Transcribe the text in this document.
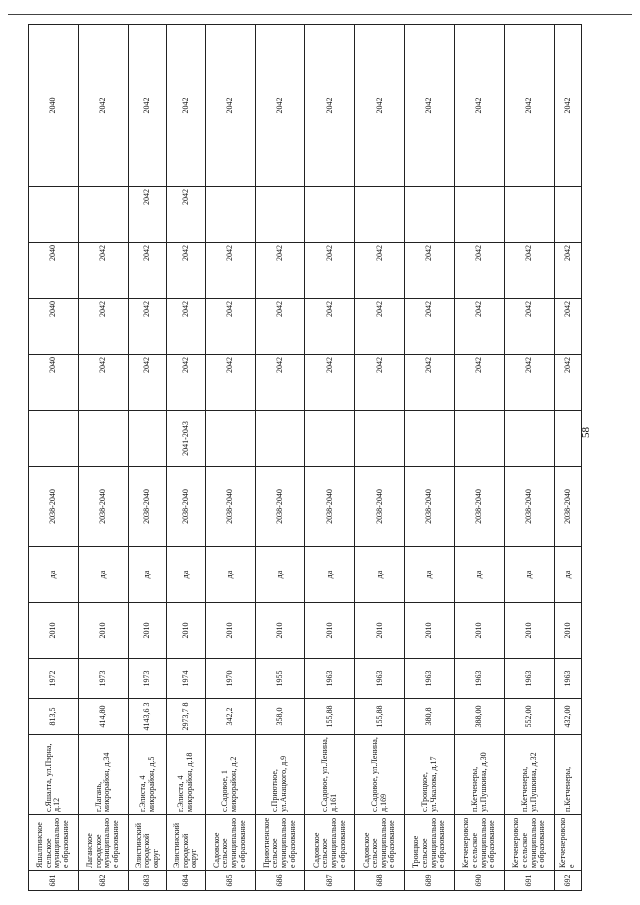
681	Яшалтинское сельское муниципальное образование	с.Яшалта, ул.Пэрна, д.12	813,5	1972	2010	да	2038-2040		2040	2040	2040		2040
682	Лаганское городское муниципальное образование	г.Лагань, микрорайон, д.34	414,80	1973	2010	да	2038-2040		2042	2042	2042		2042
683	Элистинский городской округ	г.Элиста, 4 микрорайон, д.5	4143,6 3	1973	2010	да	2038-2040		2042	2042	2042	2042	2042
684	Элистинский городской округ	г.Элиста, 4 микрорайон, д.18	2973,7 8	1974	2010	да	2038-2040	2041-2043	2042	2042	2042	2042	2042
685	Садовское сельское муниципальное образование	с.Садовое, 1 микрорайон, д.2	342,2	1970	2010	да	2038-2040		2042	2042	2042		2042
686	Приютненское сельское муниципальное образование	с.Приютное, ул.Анацкого, д.9	358,0	1955	2010	да	2038-2040		2042	2042	2042		2042
687	Садовское сельское муниципальное образование	с.Садовое, ул.Ленина, д.161	155,88	1963	2010	да	2038-2040		2042	2042	2042		2042
688	Садовское сельское муниципальное образование	с.Садовое, ул.Ленина, д.169	155,88	1963	2010	да	2038-2040		2042	2042	2042		2042
689	Троицкое сельское муниципальное образование	с.Троицкое, ул.Чкалова, д.17	380,8	1963	2010	да	2038-2040		2042	2042	2042		2042
690	Кетченеровское сельское муниципальное образование	п.Кетченеры, ул.Пушкина, д.30	388,00	1963	2010	да	2038-2040		2042	2042	2042		2042
691	Кетченеровское сельское муниципальное образование	п.Кетченеры, ул.Пушкина, д.32	552,00	1963	2010	да	2038-2040		2042	2042	2042		2042
692	Кетченеровское	п.Кетченеры,	432,00	1963	2010	да	2038-2040		2042	2042	2042		2042
58
